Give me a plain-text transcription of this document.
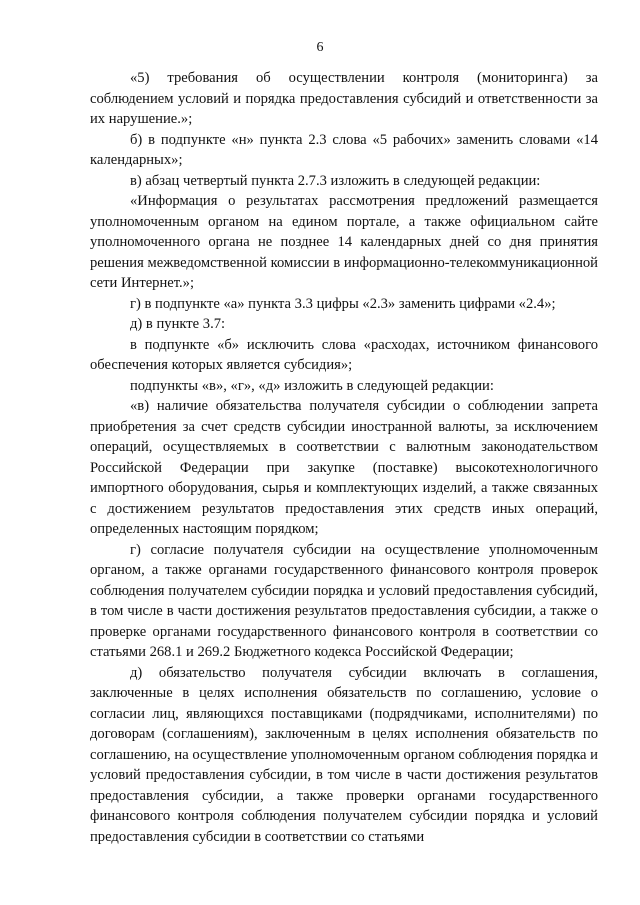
6

«5) требования об осуществлении контроля (мониторинга) за соблюдением условий и порядка предоставления субсидий и ответственности за их нарушение.»;

б) в подпункте «н» пункта 2.3 слова «5 рабочих» заменить словами «14 календарных»;

в) абзац четвертый пункта 2.7.3 изложить в следующей редакции:

«Информация о результатах рассмотрения предложений размещается уполномоченным органом на едином портале, а также официальном сайте уполномоченного органа не позднее 14 календарных дней со дня принятия решения межведомственной комиссии в информационно-телекоммуникационной сети Интернет.»;

г) в подпункте «а» пункта 3.3 цифры «2.3» заменить цифрами «2.4»;

д) в пункте 3.7:

в подпункте «б» исключить слова «расходах, источником финансового обеспечения которых является субсидия»;

подпункты «в», «г», «д» изложить в следующей редакции:

«в) наличие обязательства получателя субсидии о соблюдении запрета приобретения за счет средств субсидии иностранной валюты, за исключением операций, осуществляемых в соответствии с валютным законодательством Российской Федерации при закупке (поставке) высокотехнологичного импортного оборудования, сырья и комплектующих изделий, а также связанных с достижением результатов предоставления этих средств иных операций, определенных настоящим порядком;

г) согласие получателя субсидии на осуществление уполномоченным органом, а также органами государственного финансового контроля проверок соблюдения получателем субсидии порядка и условий предоставления субсидий, в том числе в части достижения результатов предоставления субсидии, а также о проверке органами государственного финансового контроля в соответствии со статьями 268.1 и 269.2 Бюджетного кодекса Российской Федерации;

д) обязательство получателя субсидии включать в соглашения, заключенные в целях исполнения обязательств по соглашению, условие о согласии лиц, являющихся поставщиками (подрядчиками, исполнителями) по договорам (соглашениям), заключенным в целях исполнения обязательств по соглашению, на осуществление уполномоченным органом соблюдения порядка и условий предоставления субсидии, в том числе в части достижения результатов предоставления субсидии, а также проверки органами государственного финансового контроля соблюдения получателем субсидии порядка и условий предоставления субсидии в соответствии со статьями
